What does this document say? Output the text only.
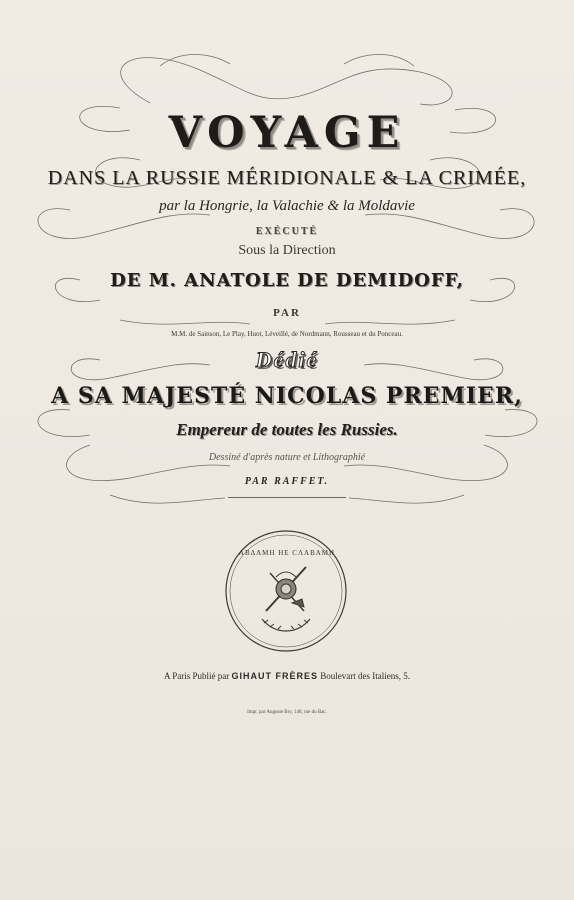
VOYAGE
DANS LA RUSSIE MÉRIDIONALE & LA CRIMÉE,
par la Hongrie, la Valachie & la Moldavie
EXÉCUTÉ
Sous la Direction
DE M. ANATOLE DE DEMIDOFF,
PAR
M.M. de Sainson, Le Play, Huot, Léveillé, de Nordmann, Rousseau et du Ponceau.
Dédié
A SA MAJESTÉ NICOLAS PREMIER,
Empereur de toutes les Russies.
Dessiné d'après nature et Lithographié
PAR RAFFET.
ΑΒΔΑΜΗ ΗΕ CΛΑΒΑΜΗ
A Paris Publié par GIHAUT FRÈRES Boulevart des Italiens, 5.
Impr. par Auguste Bry, 148, rue du Bac.
